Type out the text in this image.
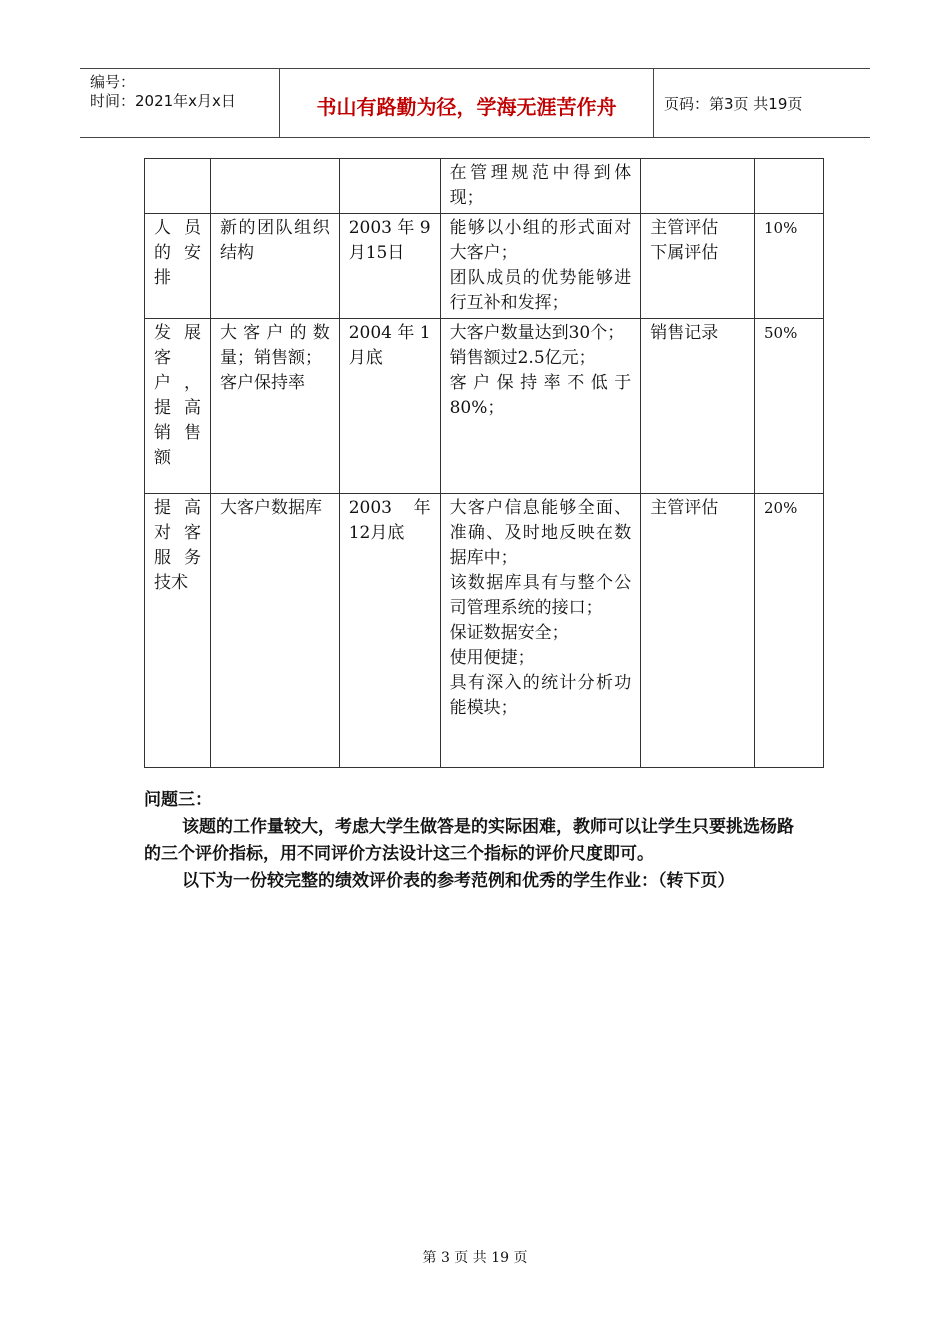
编号：
时间：2021年x月x日	书山有路勤为径，学海无涯苦作舟	页码：第3页 共19页
			在管理规范中得到体现；		

人员的安排	新的团队组织结构	2003年9月15日	能够以小组的形式面对大客户；
团队成员的优势能够进行互补和发挥；	主管评估
下属评估	10%

发展客户，提高销售额	大客户的数量；销售额；
客户保持率	2004年1月底	大客户数量达到30个；
销售额过2.5亿元；
客户保持率不低于80%；	销售记录	50%

提高对客服务技术	大客户数据库	2003年12月底	大客户信息能够全面、准确、及时地反映在数据库中；
该数据库具有与整个公司管理系统的接口；
保证数据安全；
使用便捷；
具有深入的统计分析功能模块；	主管评估	20%

问题三：

该题的工作量较大，考虑大学生做答是的实际困难，教师可以让学生只要挑选杨路的三个评价指标，用不同评价方法设计这三个指标的评价尺度即可。

以下为一份较完整的绩效评价表的参考范例和优秀的学生作业：（转下页）

第 3 页 共 19 页
